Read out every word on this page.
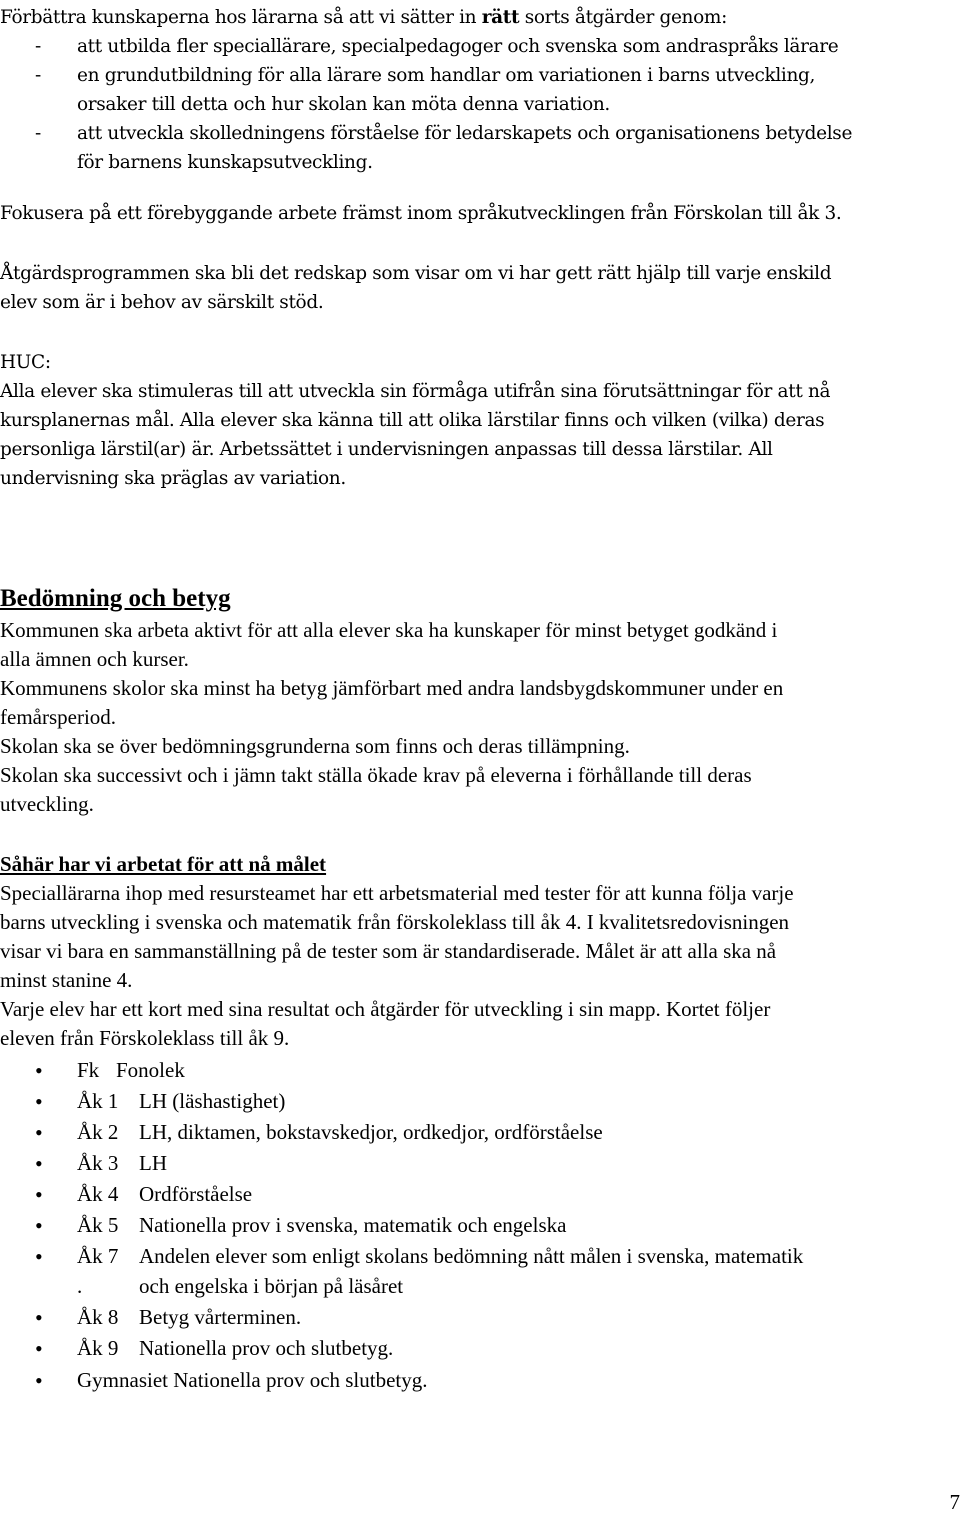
Förbättra kunskaperna hos lärarna så att vi sätter in rätt sorts åtgärder genom:
- att utbilda fler speciallärare, specialpedagoger och svenska som andraspråks lärare
- en grundutbildning för alla lärare som handlar om variationen i barns utveckling,
orsaker till detta och hur skolan kan möta denna variation.
- att utveckla skolledningens förståelse för ledarskapets och organisationens betydelse
för barnens kunskapsutveckling.
Fokusera på ett förebyggande arbete främst inom språkutvecklingen från Förskolan till åk 3.
Åtgärdsprogrammen ska bli det redskap som visar om vi har gett rätt hjälp till varje enskild
elev som är i behov av särskilt stöd.
HUC:
Alla elever ska stimuleras till att utveckla sin förmåga utifrån sina förutsättningar för att nå
kursplanernas mål. Alla elever ska känna till att olika lärstilar finns och vilken (vilka) deras
personliga lärstil(ar) är. Arbetssättet i undervisningen anpassas till dessa lärstilar. All
undervisning ska präglas av variation.
Bedömning och betyg
Kommunen ska arbeta aktivt för att alla elever ska ha kunskaper för minst betyget godkänd i
alla ämnen och kurser.
Kommunens skolor ska minst ha betyg jämförbart med andra landsbygdskommuner under en
femårsperiod.
Skolan ska se över bedömningsgrunderna som finns och deras tillämpning.
Skolan ska successivt och i jämn takt ställa ökade krav på eleverna i förhållande till deras
utveckling.
Såhär har vi arbetat för att nå målet
Speciallärarna ihop med resursteamet har ett arbetsmaterial med tester för att kunna följa varje
barns utveckling i svenska och matematik från förskoleklass till åk 4. I kvalitetsredovisningen
visar vi bara en sammanställning på de tester som är standardiserade. Målet är att alla ska nå
minst stanine 4.
Varje elev har ett kort med sina resultat och åtgärder för utveckling i sin mapp. Kortet följer
eleven från Förskoleklass till åk 9.
• Fk Fonolek
• Åk 1 LH (läshastighet)
• Åk 2 LH, diktamen, bokstavskedjor, ordkedjor, ordförståelse
• Åk 3 LH
• Åk 4 Ordförståelse
• Åk 5 Nationella prov i svenska, matematik och engelska
• Åk 7 Andelen elever som enligt skolans bedömning nått målen i svenska, matematik
.	och engelska i början på läsåret
• Åk 8 Betyg vårterminen.
• Åk 9 Nationella prov och slutbetyg.
• Gymnasiet Nationella prov och slutbetyg.
7
